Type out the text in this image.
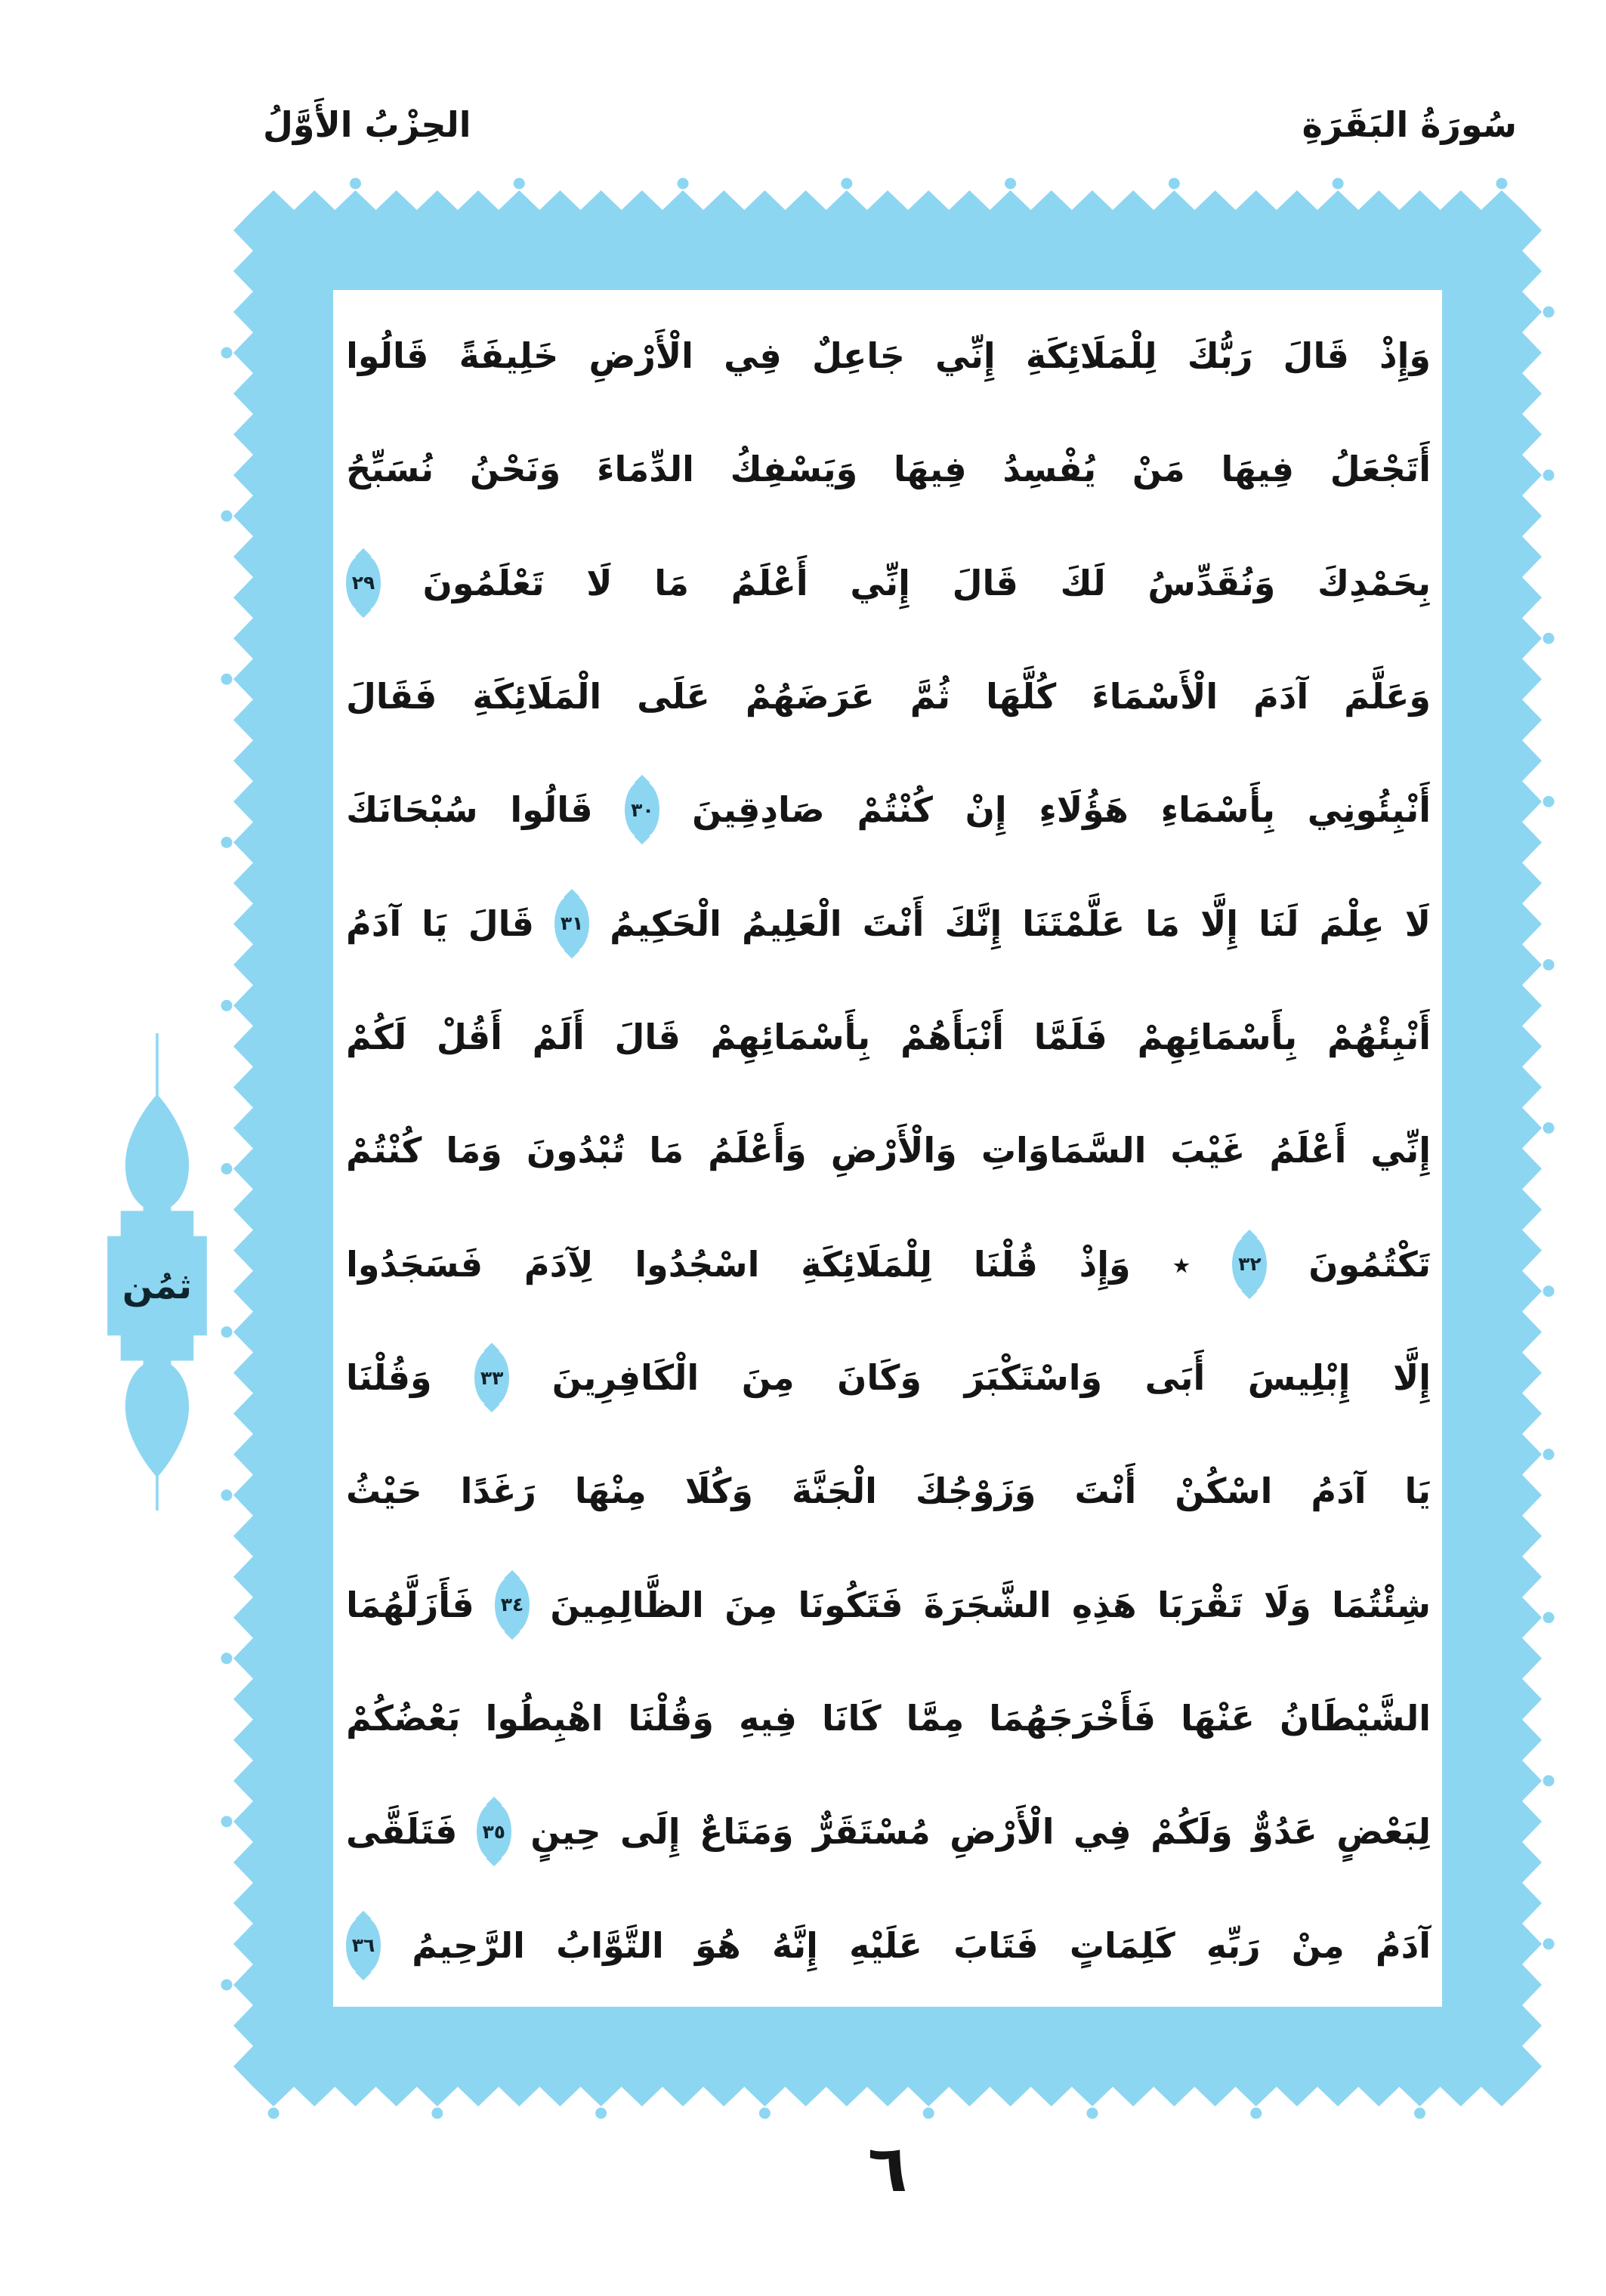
الحِزْبُ الأَوَّلُ	سُورَةُ البَقَرَةِ
وَإِذْ
قَالَ
رَبُّكَ
لِلْمَلَائِكَةِ
إِنِّي
جَاعِلٌ
فِي
الْأَرْضِ
خَلِيفَةً
قَالُوا
أَتَجْعَلُ
فِيهَا
مَنْ
يُفْسِدُ
فِيهَا
وَيَسْفِكُ
الدِّمَاءَ
وَنَحْنُ
نُسَبِّحُ
بِحَمْدِكَ
وَنُقَدِّسُ
لَكَ
قَالَ
إِنِّي
أَعْلَمُ
مَا
لَا
تَعْلَمُونَ
٢٩
وَعَلَّمَ
آدَمَ
الْأَسْمَاءَ
كُلَّهَا
ثُمَّ
عَرَضَهُمْ
عَلَى
الْمَلَائِكَةِ
فَقَالَ
أَنْبِئُونِي
بِأَسْمَاءِ
هَؤُلَاءِ
إِنْ
كُنْتُمْ
صَادِقِينَ
٣٠
قَالُوا
سُبْحَانَكَ
لَا
عِلْمَ
لَنَا
إِلَّا
مَا
عَلَّمْتَنَا
إِنَّكَ
أَنْتَ
الْعَلِيمُ
الْحَكِيمُ
٣١
قَالَ
يَا
آدَمُ
أَنْبِئْهُمْ
بِأَسْمَائِهِمْ
فَلَمَّا
أَنْبَأَهُمْ
بِأَسْمَائِهِمْ
قَالَ
أَلَمْ
أَقُلْ
لَكُمْ
إِنِّي
أَعْلَمُ
غَيْبَ
السَّمَاوَاتِ
وَالْأَرْضِ
وَأَعْلَمُ
مَا
تُبْدُونَ
وَمَا
كُنْتُمْ
تَكْتُمُونَ
٣٢
٭
وَإِذْ
قُلْنَا
لِلْمَلَائِكَةِ
اسْجُدُوا
لِآدَمَ
فَسَجَدُوا
إِلَّا
إِبْلِيسَ
أَبَى
وَاسْتَكْبَرَ
وَكَانَ
مِنَ
الْكَافِرِينَ
٣٣
وَقُلْنَا
يَا
آدَمُ
اسْكُنْ
أَنْتَ
وَزَوْجُكَ
الْجَنَّةَ
وَكُلَا
مِنْهَا
رَغَدًا
حَيْثُ
شِئْتُمَا
وَلَا
تَقْرَبَا
هَذِهِ
الشَّجَرَةَ
فَتَكُونَا
مِنَ
الظَّالِمِينَ
٣٤
فَأَزَلَّهُمَا
الشَّيْطَانُ
عَنْهَا
فَأَخْرَجَهُمَا
مِمَّا
كَانَا
فِيهِ
وَقُلْنَا
اهْبِطُوا
بَعْضُكُمْ
لِبَعْضٍ
عَدُوٌّ
وَلَكُمْ
فِي
الْأَرْضِ
مُسْتَقَرٌّ
وَمَتَاعٌ
إِلَى
حِينٍ
٣٥
فَتَلَقَّى
آدَمُ
مِنْ
رَبِّهِ
كَلِمَاتٍ
فَتَابَ
عَلَيْهِ
إِنَّهُ
هُوَ
التَّوَّابُ
الرَّحِيمُ
٣٦
ثمُن
٦
